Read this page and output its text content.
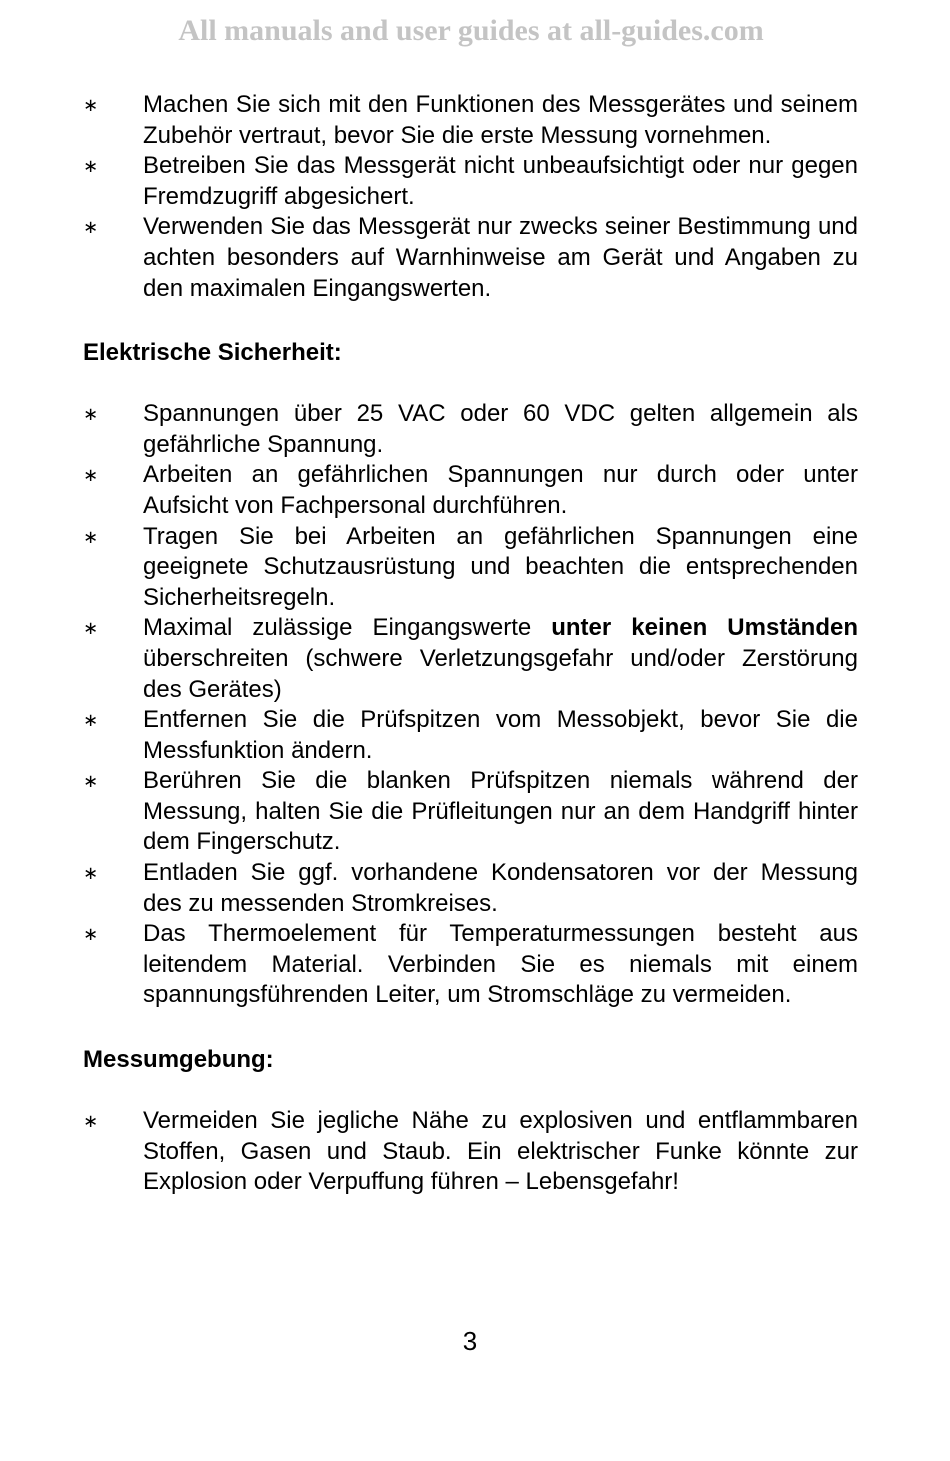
All manuals and user guides at all-guides.com
∗ Machen Sie sich mit den Funktionen des Messgerätes und seinem Zubehör vertraut, bevor Sie die erste Messung vornehmen.
∗ Betreiben Sie das Messgerät nicht unbeaufsichtigt oder nur gegen Fremdzugriff abgesichert.
∗ Verwenden Sie das Messgerät nur zwecks seiner Bestimmung und achten besonders auf Warnhinweise am Gerät und Angaben zu den maximalen Eingangswerten.

Elektrische Sicherheit:

∗ Spannungen über 25 VAC oder 60 VDC gelten allgemein als gefährliche Spannung.
∗ Arbeiten an gefährlichen Spannungen nur durch oder unter Aufsicht von Fachpersonal durchführen.
∗ Tragen Sie bei Arbeiten an gefährlichen Spannungen eine geeignete Schutzausrüstung und beachten die entsprechenden Sicherheitsregeln.
∗ Maximal zulässige Eingangswerte unter keinen Umständen überschreiten (schwere Verletzungsgefahr und/oder Zerstörung des Gerätes)
∗ Entfernen Sie die Prüfspitzen vom Messobjekt, bevor Sie die Messfunktion ändern.
∗ Berühren Sie die blanken Prüfspitzen niemals während der Messung, halten Sie die Prüfleitungen nur an dem Handgriff hinter dem Fingerschutz.
∗ Entladen Sie ggf. vorhandene Kondensatoren vor der Messung des zu messenden Stromkreises.
∗ Das Thermoelement für Temperaturmessungen besteht aus leitendem Material. Verbinden Sie es niemals mit einem spannungsführenden Leiter, um Stromschläge zu vermeiden.

Messumgebung:

∗ Vermeiden Sie jegliche Nähe zu explosiven und entflammbaren Stoffen, Gasen und Staub. Ein elektrischer Funke könnte zur Explosion oder Verpuffung führen – Lebensgefahr!
3
